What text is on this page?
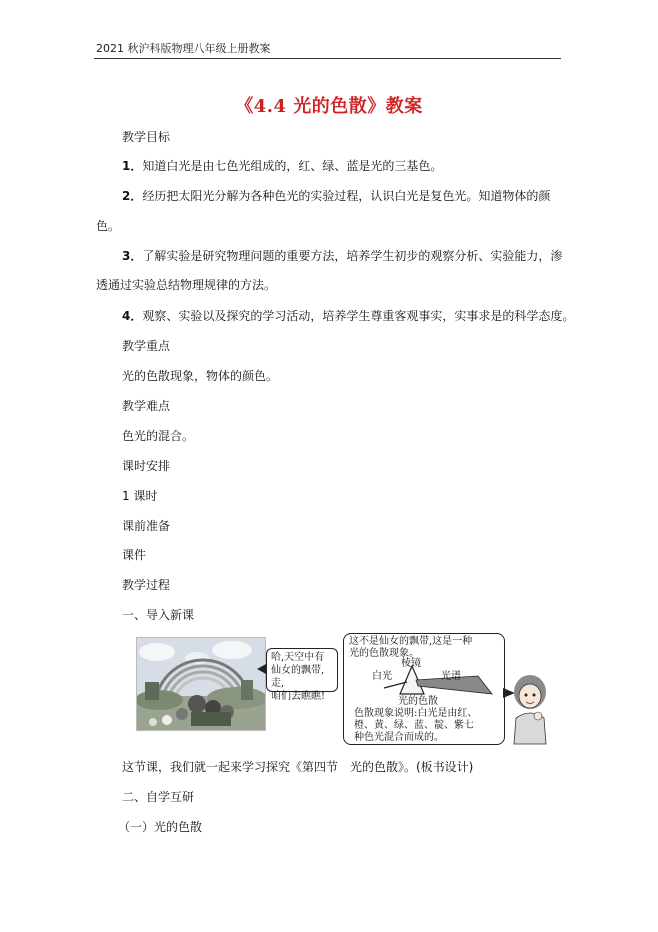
2021 秋沪科版物理八年级上册教案
《4.4 光的色散》教案
教学目标
1．知道白光是由七色光组成的，红、绿、蓝是光的三基色。
2．经历把太阳光分解为各种色光的实验过程，认识白光是复色光。知道物体的颜
色。
3．了解实验是研究物理问题的重要方法，培养学生初步的观察分析、实验能力，渗
透通过实验总结物理规律的方法。
4．观察、实验以及探究的学习活动，培养学生尊重客观事实，实事求是的科学态度。
教学重点
光的色散现象，物体的颜色。
教学难点
色光的混合。
课时安排
1 课时
课前准备
课件
教学过程
一、导入新课
哈,天空中有
仙女的飘带,走,
咱们去瞧瞧!
这不是仙女的飘带,这是一种
光的色散现象。
棱镜
白光	光谱
光的色散
色散现象说明:白光是由红、
橙、黄、绿、蓝、靛、紫七
种色光混合而成的。
这节课，我们就一起来学习探究《第四节　光的色散》。(板书设计)
二、自学互研
（一）光的色散
